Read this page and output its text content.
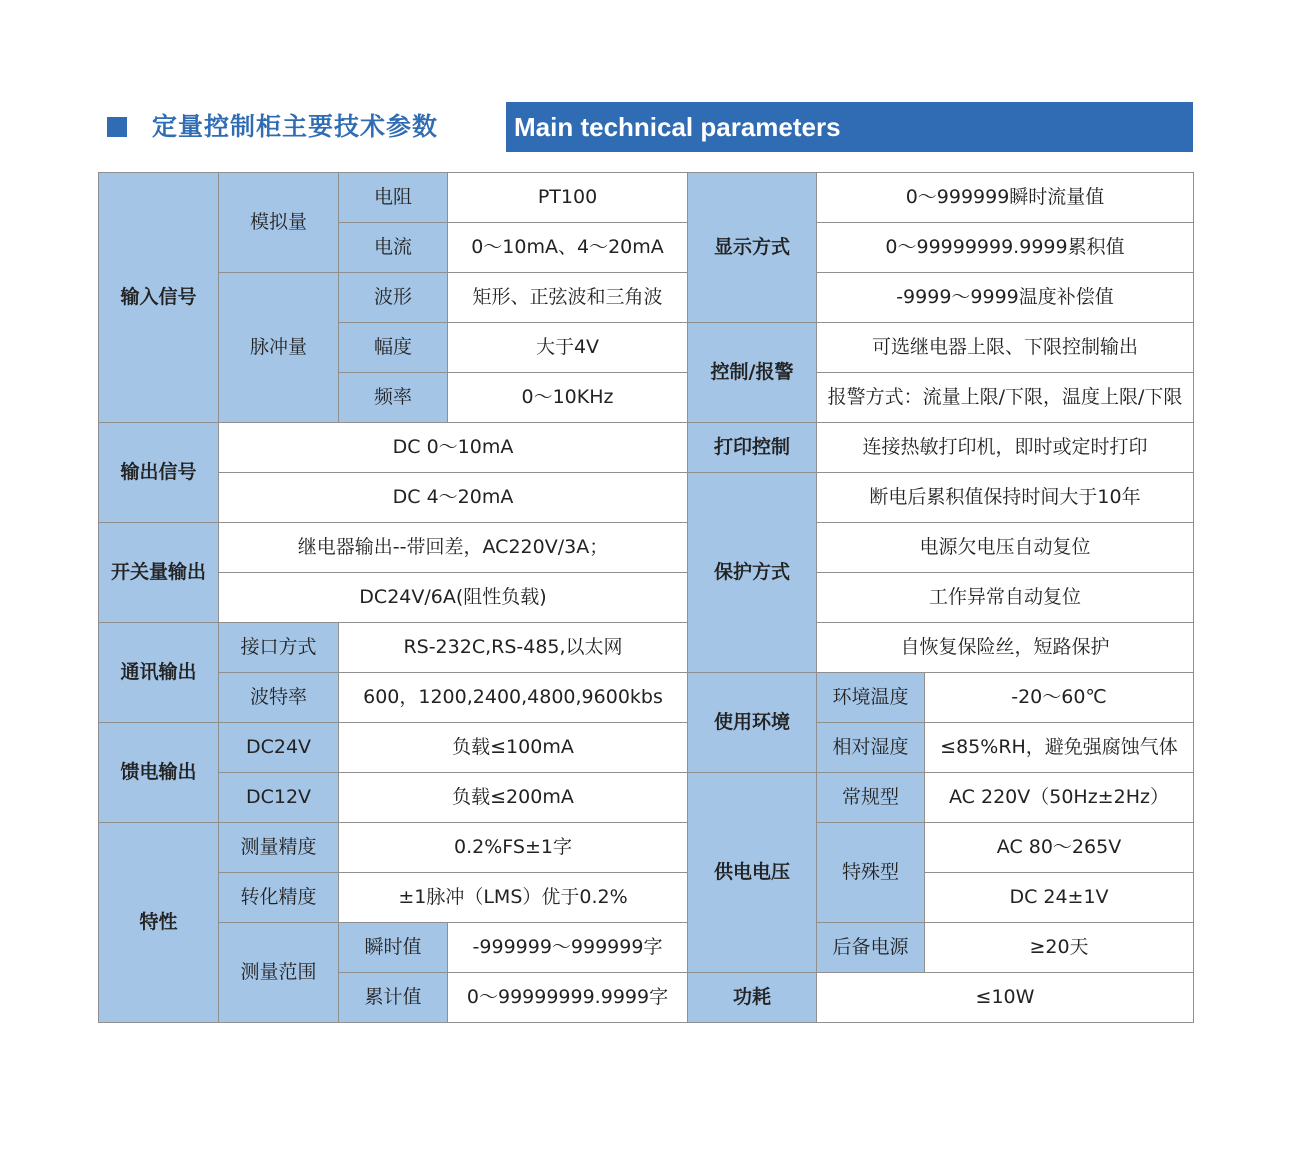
定量控制柜主要技术参数	Main technical parameters
输入信号	模拟量	电阻	PT100	显示方式	0～999999瞬时流量值	
		电流	0～10mA、4～20mA		0～99999999.9999累积值	
	脉冲量	波形	矩形、正弦波和三角波		-9999～9999温度补偿值	
		幅度	大于4V	控制/报警	可选继电器上限、下限控制输出	
		频率	0～10KHz		报警方式：流量上限/下限，温度上限/下限	
输出信号	DC 0～10mA			打印控制	连接热敏打印机，即时或定时打印	
	DC 4～20mA			保护方式	断电后累积值保持时间大于10年	
开关量输出	继电器输出--带回差，AC220V/3A；				电源欠电压自动复位	
	DC24V/6A(阻性负载)				工作异常自动复位	
通讯输出	接口方式	RS-232C,RS-485,以太网			自恢复保险丝，短路保护	
	波特率	600，1200,2400,4800,9600kbs		使用环境	环境温度	-20～60℃
馈电输出	DC24V	负载≤100mA			相对湿度	≤85%RH，避免强腐蚀气体
	DC12V	负载≤200mA		供电电压	常规型	AC 220V（50Hz±2Hz）
特性	测量精度	0.2%FS±1字			特殊型	AC 80～265V
	转化精度	±1脉冲（LMS）优于0.2%				DC 24±1V
	测量范围	瞬时值	-999999～999999字		后备电源	≥20天
		累计值	0～99999999.9999字	功耗	≤10W	
